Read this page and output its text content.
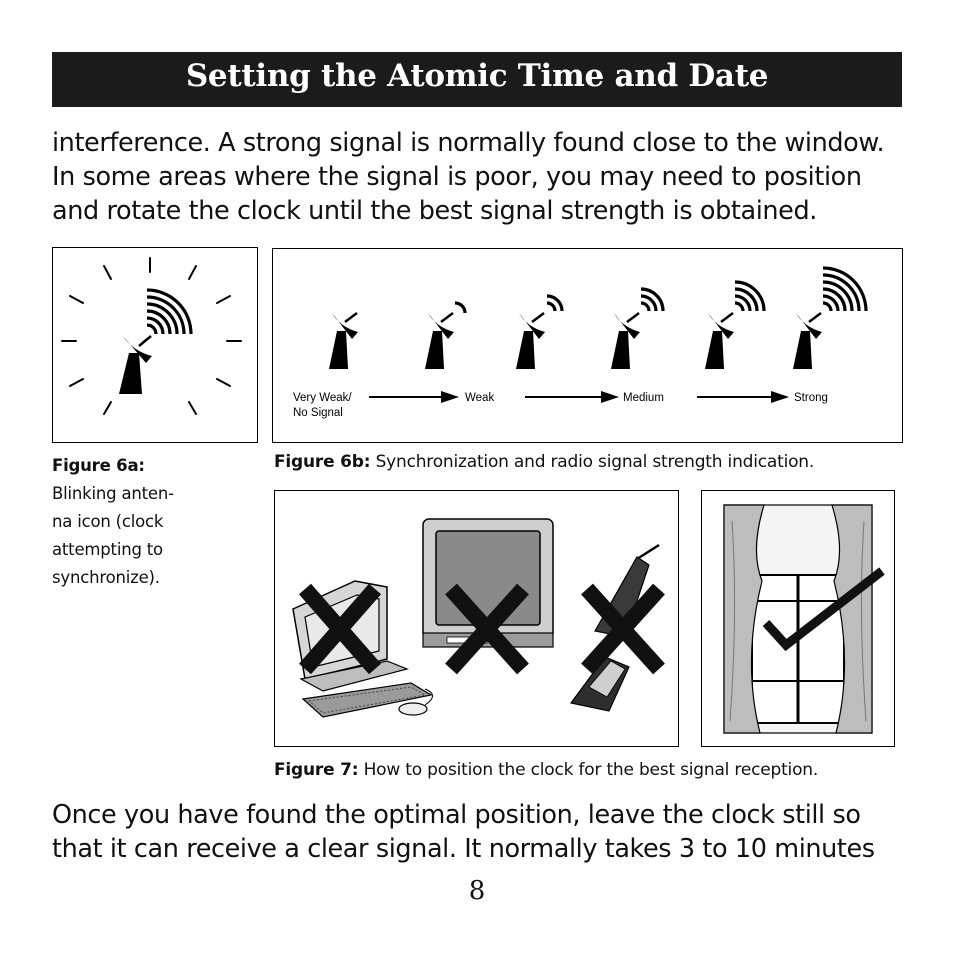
Setting the Atomic Time and Date
interference. A strong signal is normally found close to the window.
In some areas where the signal is poor, you may need to position
and rotate the clock until the best signal strength is obtained.
Very Weak/
No Signal
Weak	Medium	Strong
Figure 6a:
Blinking anten-
na icon (clock
attempting to
synchronize).
Figure 6b: Synchronization and radio signal strength indication.
Figure 7: How to position the clock for the best signal reception.
Once you have found the optimal position, leave the clock still so
that it can receive a clear signal. It normally takes 3 to 10 minutes
8
